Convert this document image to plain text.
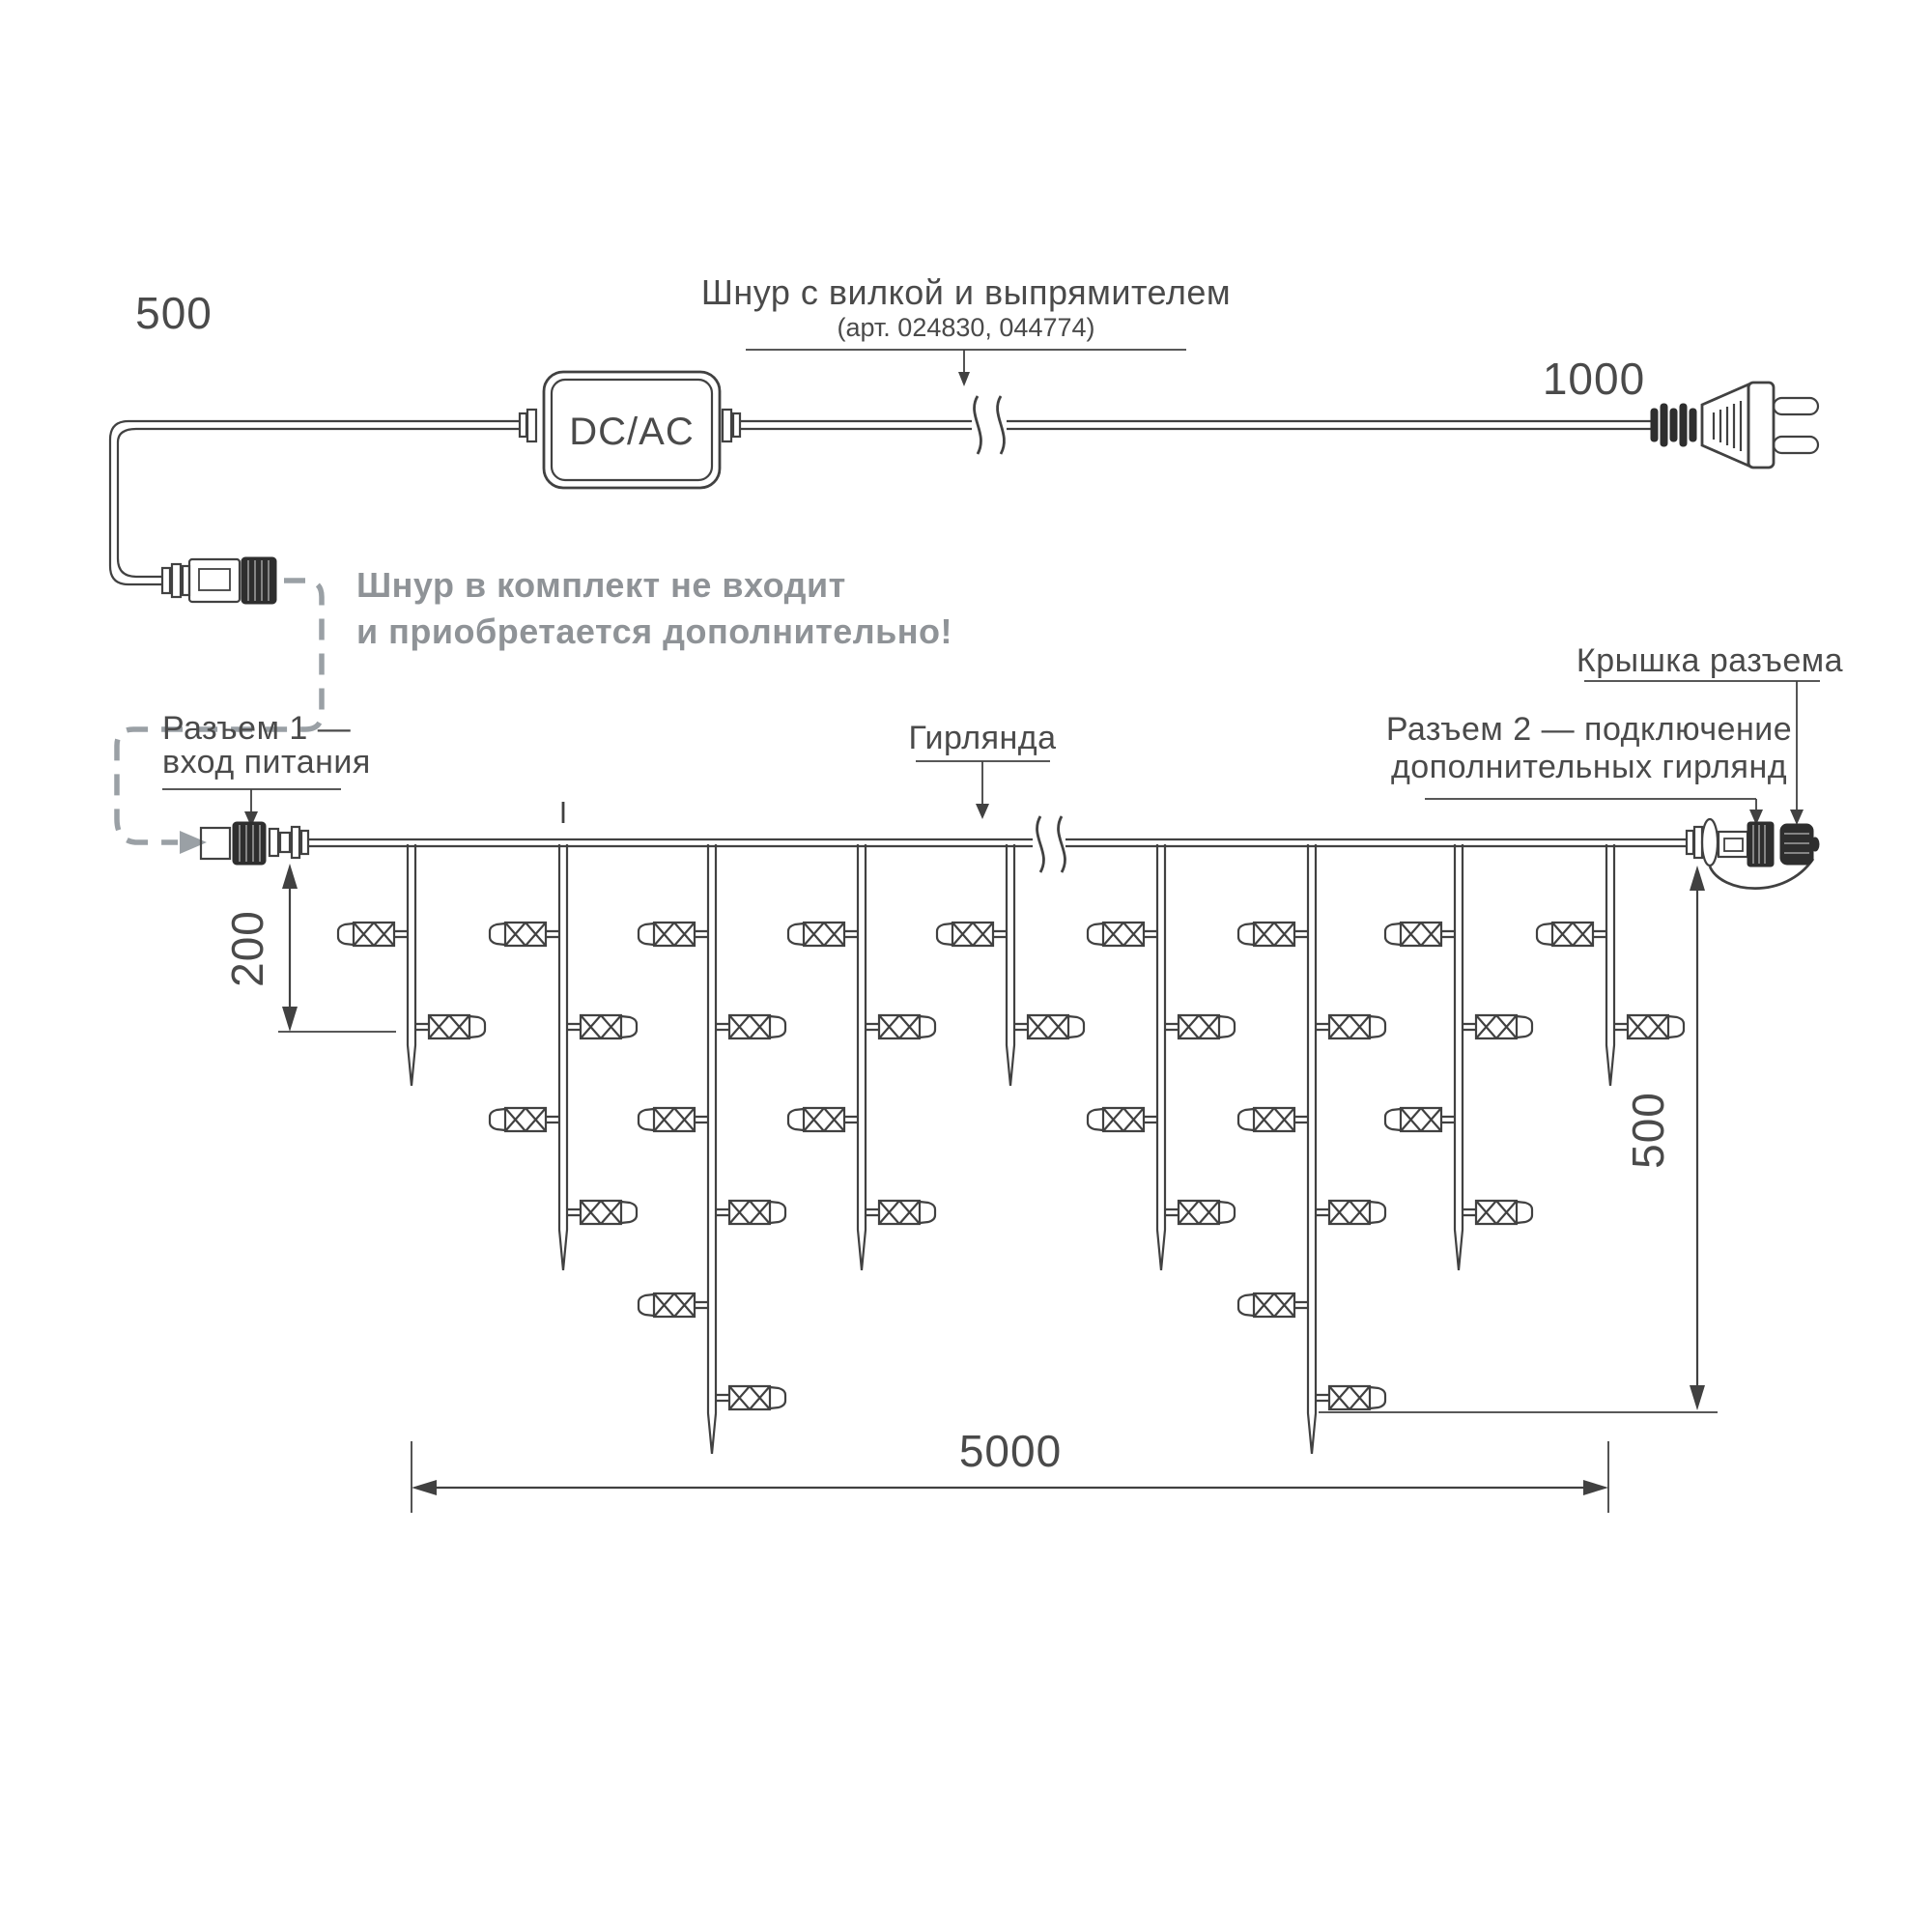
500
1000
Шнур с вилкой и выпрямителем
(арт. 024830, 044774)
DC/AC
Шнур в комплект не входит
и приобретается дополнительно!
Разъем 1 —
вход питания
Гирлянда
Крышка разъема
Разъем 2 — подключение
дополнительных гирлянд
200
500
5000
